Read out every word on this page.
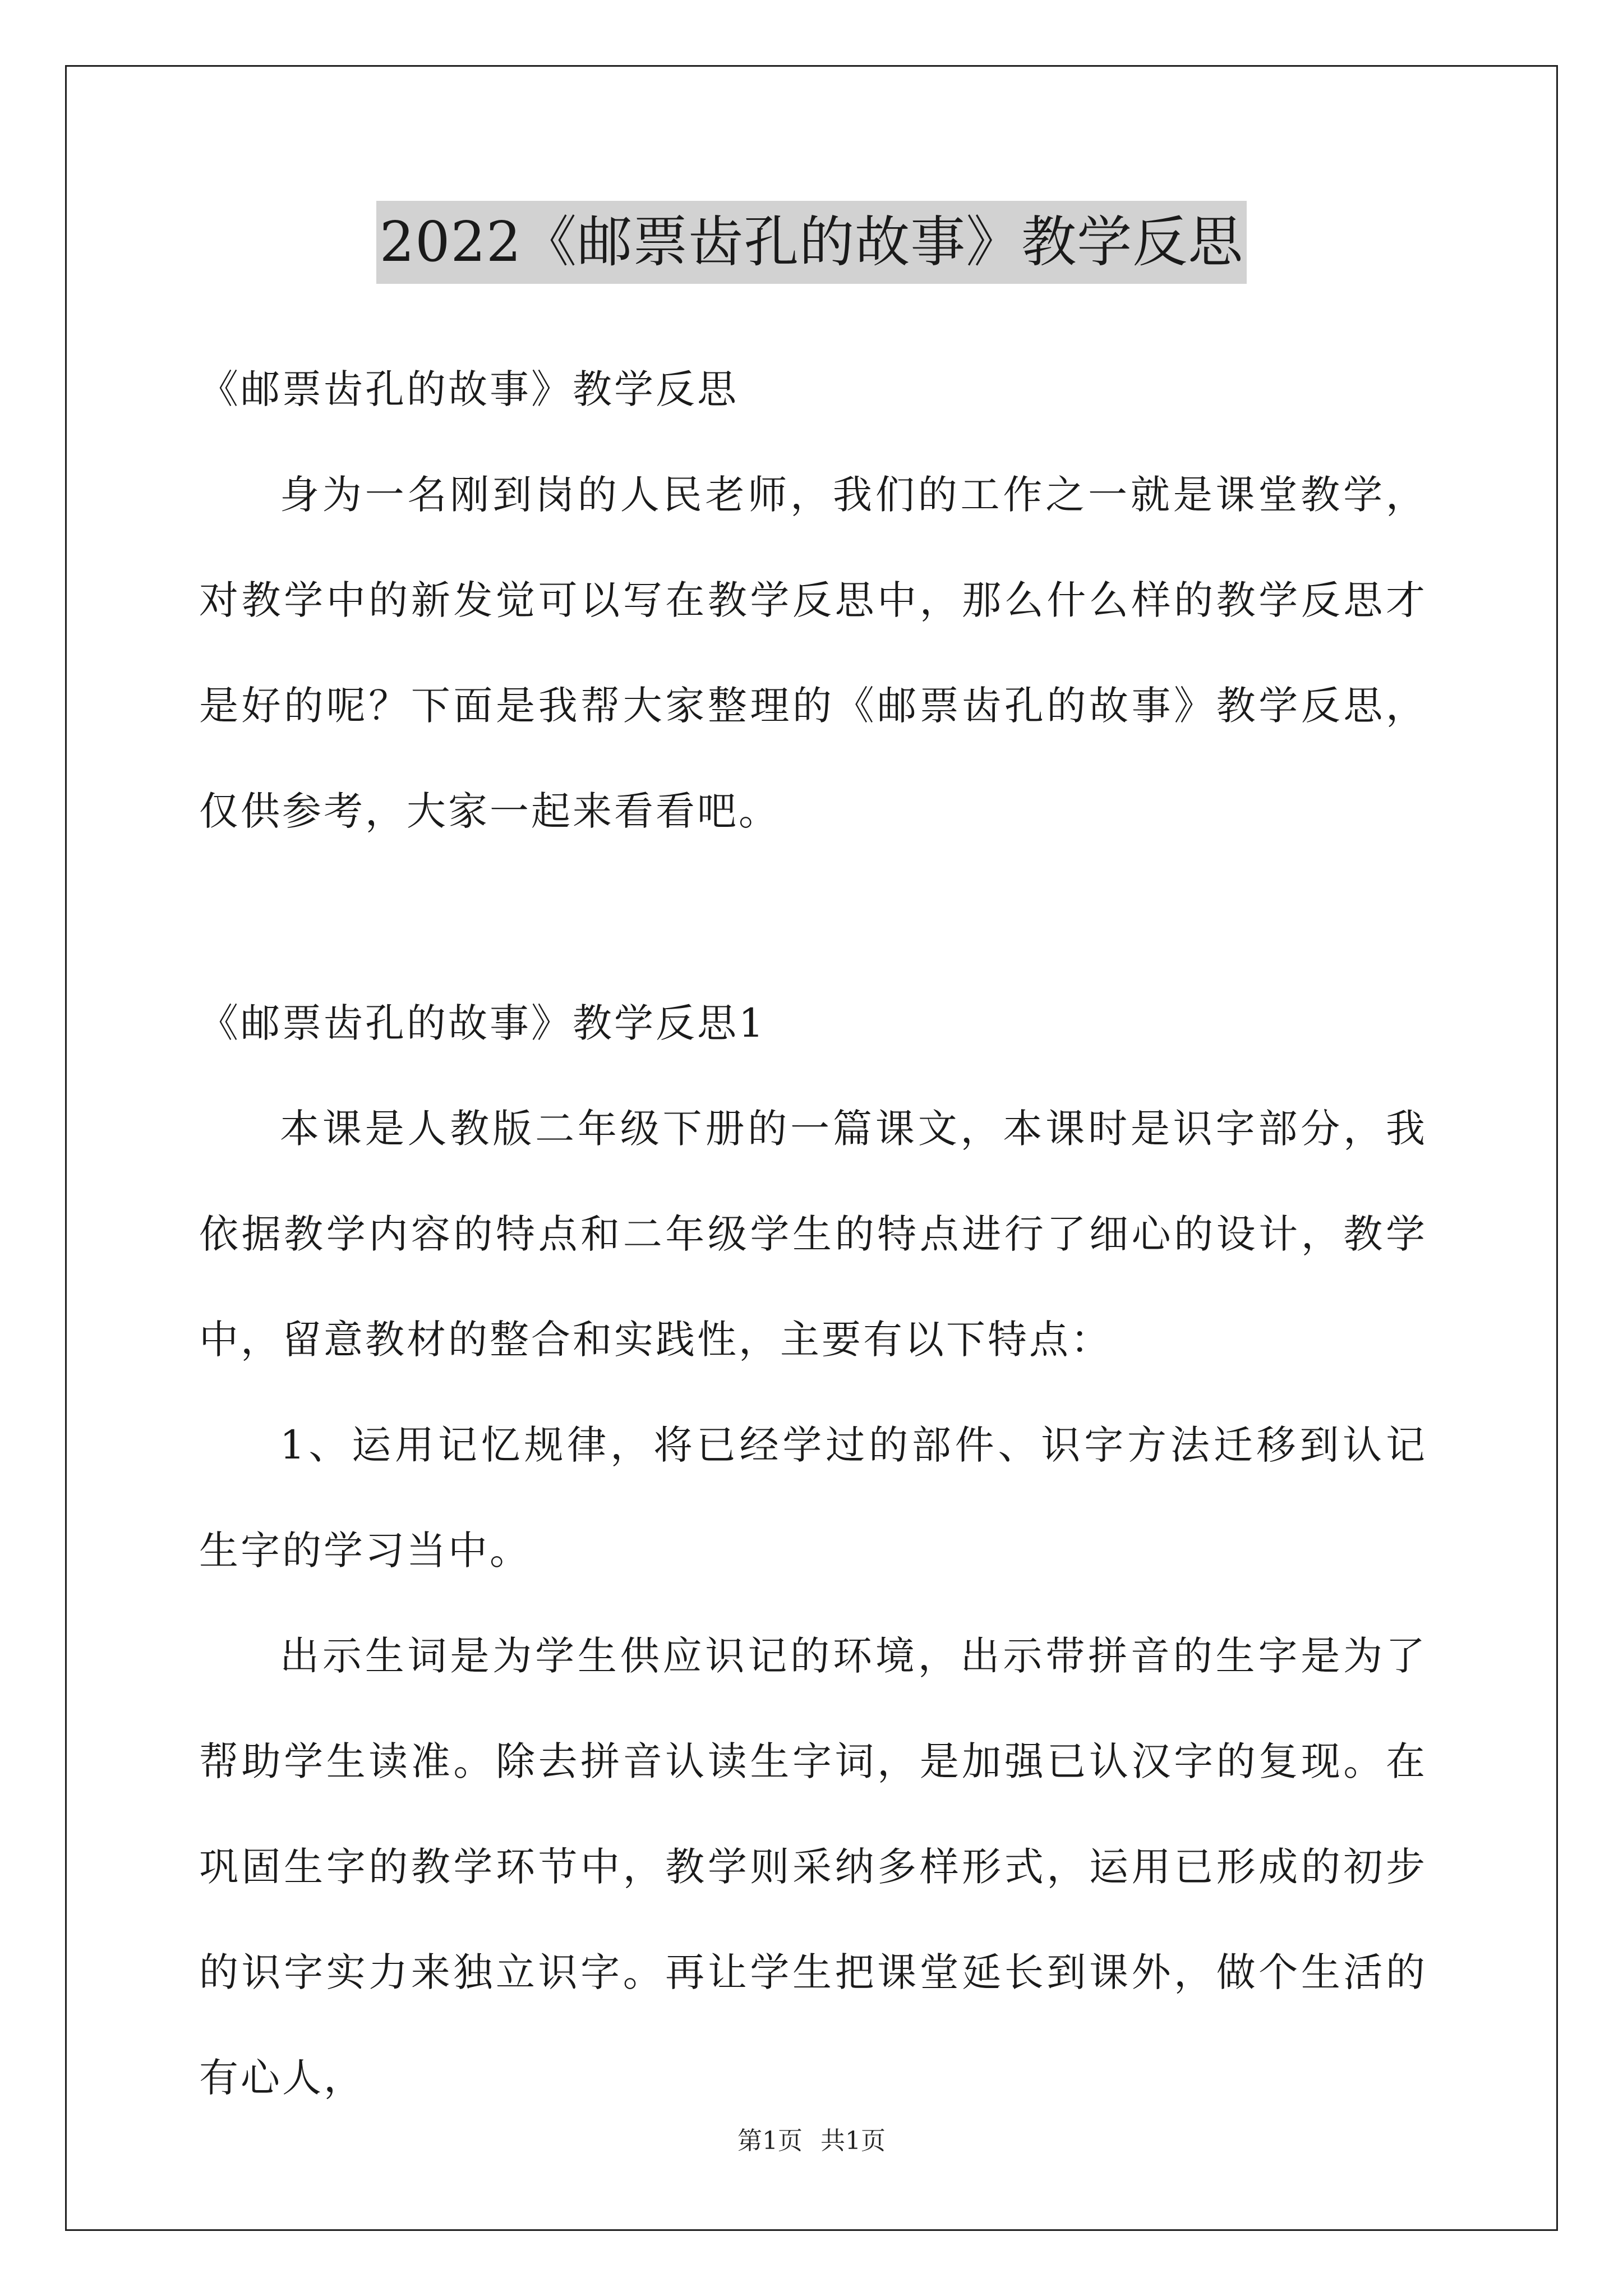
2022《邮票齿孔的故事》教学反思

《邮票齿孔的故事》教学反思

身为一名刚到岗的人民老师，我们的工作之一就是课堂教学，对教学中的新发觉可以写在教学反思中，那么什么样的教学反思才是好的呢？下面是我帮大家整理的《邮票齿孔的故事》教学反思，仅供参考，大家一起来看看吧。

《邮票齿孔的故事》教学反思1

本课是人教版二年级下册的一篇课文，本课时是识字部分，我依据教学内容的特点和二年级学生的特点进行了细心的设计，教学中，留意教材的整合和实践性，主要有以下特点：

1、运用记忆规律，将已经学过的部件、识字方法迁移到认记生字的学习当中。

出示生词是为学生供应识记的环境，出示带拼音的生字是为了帮助学生读准。除去拼音认读生字词，是加强已认汉字的复现。在巩固生字的教学环节中，教学则采纳多样形式，运用已形成的初步的识字实力来独立识字。再让学生把课堂延长到课外，做个生活的有心人，

第1页 共1页
